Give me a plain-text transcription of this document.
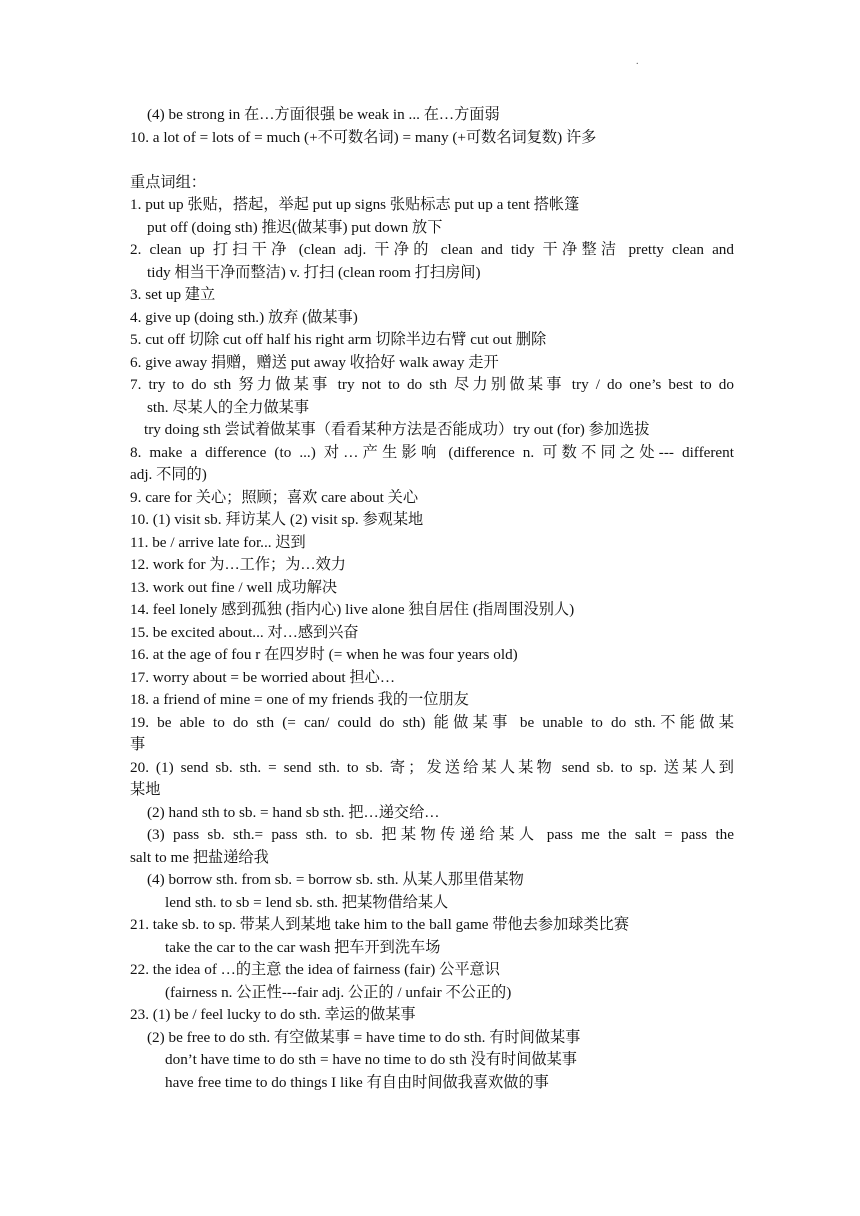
.
(4) be strong in 在…方面很强 be weak in ... 在…方面弱
10. a lot of = lots of = much (+不可数名词) = many (+可数名词复数) 许多
重点词组：
1. put up 张贴，搭起，举起 put up signs 张贴标志 put up a tent 搭帐篷
put off (doing sth) 推迟(做某事) put down 放下
2. clean up 打扫干净 (clean adj. 干净的 clean and tidy 干净整洁 pretty clean and
tidy 相当干净而整洁) v. 打扫 (clean room 打扫房间)
3. set up 建立
4. give up (doing sth.) 放弃 (做某事)
5. cut off 切除 cut off half his right arm 切除半边右臂 cut out 删除
6. give away 捐赠，赠送 put away 收拾好 walk away 走开
7. try to do sth 努力做某事 try not to do sth 尽力别做某事 try / do one’s best to do
sth. 尽某人的全力做某事
try doing sth 尝试着做某事（看看某种方法是否能成功）try out (for) 参加选拔
8. make a difference (to ...) 对…产生影响 (difference n. 可数不同之处--- different
adj. 不同的)
9. care for 关心；照顾；喜欢 care about 关心
10. (1) visit sb. 拜访某人 (2) visit sp. 参观某地
11. be / arrive late for... 迟到
12. work for 为…工作；为…效力
13. work out fine / well 成功解决
14. feel lonely 感到孤独 (指内心) live alone 独自居住 (指周围没别人)
15. be excited about... 对…感到兴奋
16. at the age of fou r 在四岁时 (= when he was four years old)
17. worry about = be worried about 担心…
18. a friend of mine = one of my friends 我的一位朋友
19. be able to do sth (= can/ could do sth) 能做某事 be unable to do sth.不能做某
事
20. (1) send sb. sth. = send sth. to sb. 寄；发送给某人某物 send sb. to sp. 送某人到
某地
(2) hand sth to sb. = hand sb sth. 把…递交给…
(3) pass sb. sth.= pass sth. to sb. 把某物传递给某人 pass me the salt = pass the
salt to me 把盐递给我
(4) borrow sth. from sb. = borrow sb. sth. 从某人那里借某物
lend sth. to sb = lend sb. sth. 把某物借给某人
21. take sb. to sp. 带某人到某地 take him to the ball game 带他去参加球类比赛
take the car to the car wash 把车开到洗车场
22. the idea of …的主意 the idea of fairness (fair) 公平意识
(fairness n. 公正性---fair adj. 公正的 / unfair 不公正的)
23. (1) be / feel lucky to do sth. 幸运的做某事
(2) be free to do sth. 有空做某事 = have time to do sth. 有时间做某事
don’t have time to do sth = have no time to do sth 没有时间做某事
have free time to do things I like 有自由时间做我喜欢做的事
